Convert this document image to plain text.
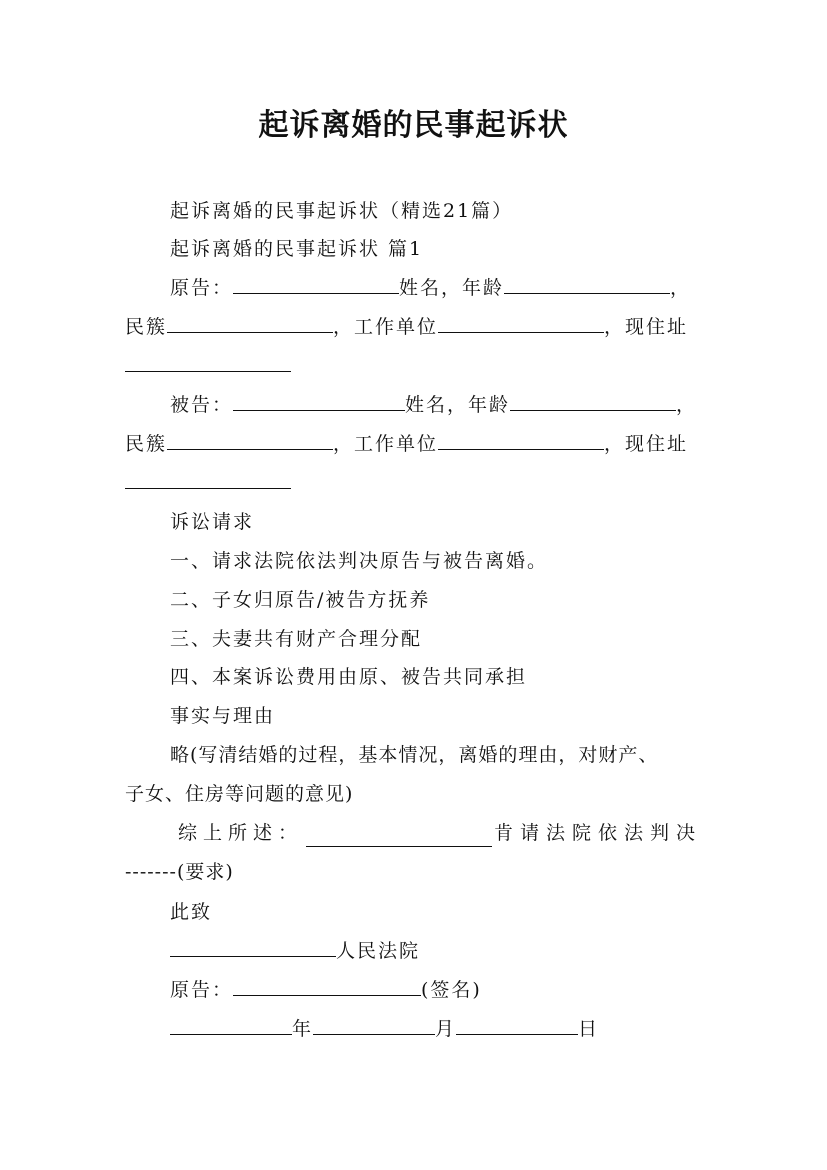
起诉离婚的民事起诉状
起诉离婚的民事起诉状（精选21篇）
起诉离婚的民事起诉状 篇1
原告：	姓名，年龄	，
民簇	，工作单位	，现住址
被告：	姓名，年龄	，
民簇	，工作单位	，现住址
诉讼请求
一、请求法院依法判决原告与被告离婚。
二、子女归原告/被告方抚养
三、夫妻共有财产合理分配
四、本案诉讼费用由原、被告共同承担
事实与理由
略(写清结婚的过程，基本情况，离婚的理由，对财产、
子女、住房等问题的意见)
综上所述：	肯请法院依法判决
-------(要求)
此致
人民法院
原告：	(签名)
年	月	日
